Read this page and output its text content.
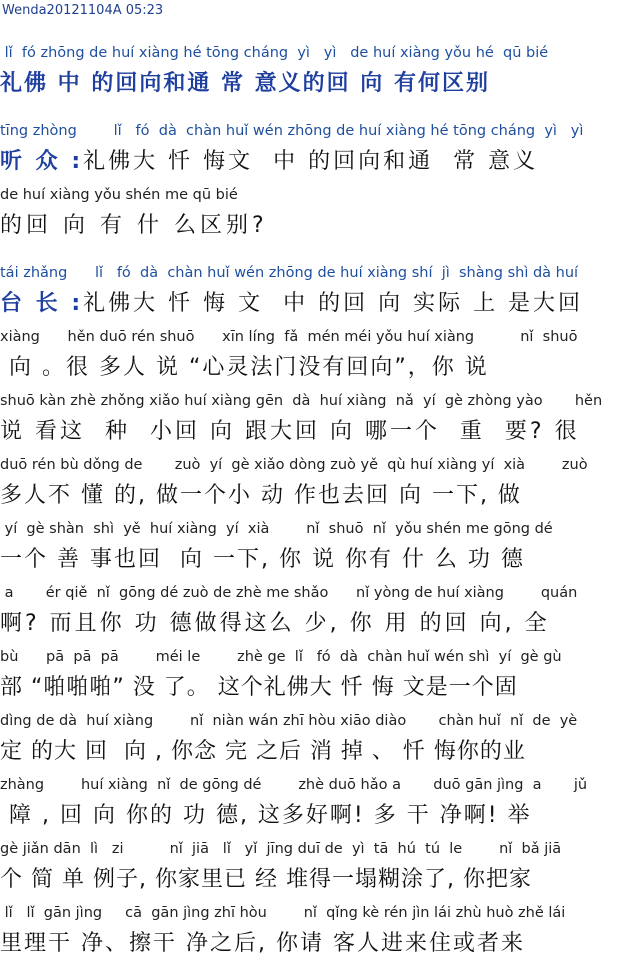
Wenda20121104A 05:23
lǐ  fó zhōng de huí xiàng hé tōng cháng  yì   yì   de huí xiàng yǒu hé  qū bié
礼佛 中 的回向和通 常 意义的回 向 有何区别
tīng zhòng        lǐ   fó  dà  chàn huǐ wén zhōng de huí xiàng hé tōng cháng  yì   yì
听 众 :礼佛大 忏 悔文  中 的回向和通  常 意义
de huí xiàng yǒu shén me qū bié
的回 向 有 什 么区别?
tái zhǎng      lǐ   fó  dà  chàn huǐ wén zhōng de huí xiàng shí  jì  shàng shì dà huí
台 长 :礼佛大 忏 悔 文  中 的回 向 实际 上 是大回
xiàng      hěn duō rén shuō      xīn líng  fǎ  mén méi yǒu huí xiàng          nǐ  shuō
向 。很 多人 说 “心灵法门没有回向”，你 说
shuō kàn zhè zhǒng xiǎo huí xiàng gēn  dà  huí xiàng  nǎ  yí  gè zhòng yào       hěn
说 看这  种  小回 向 跟大回 向 哪一个  重  要? 很
duō rén bù dǒng de       zuò  yí  gè xiǎo dòng zuò yě  qù huí xiàng yí  xià        zuò
多人不 懂 的, 做一个小 动 作也去回 向 一下, 做
yí  gè shàn  shì  yě  huí xiàng  yí  xià        nǐ  shuō  nǐ  yǒu shén me gōng dé
一个 善 事也回  向 一下, 你 说 你有 什 么 功 德
a       ér qiě  nǐ  gōng dé zuò de zhè me shǎo      nǐ yòng de huí xiàng        quán
啊? 而且你 功 德做得这么 少, 你 用 的回 向, 全
bù      pā  pā  pā        méi le        zhè ge  lǐ   fó  dà  chàn huǐ wén shì  yí  gè gù
部 “啪啪啪” 没 了。 这个礼佛大 忏 悔 文是一个固
dìng de dà  huí xiàng        nǐ  niàn wán zhī hòu xiāo diào       chàn huǐ  nǐ  de  yè
定 的大 回  向 , 你念 完 之后 消 掉 、 忏 悔你的业
zhàng        huí xiàng  nǐ  de gōng dé        zhè duō hǎo a       duō gān jìng  a       jǔ
障 , 回 向 你的 功 德, 这多好啊! 多 干 净啊! 举
gè jiǎn dān  lì   zi          nǐ  jiā   lǐ   yǐ  jīng duī de  yì  tā  hú  tú  le        nǐ  bǎ jiā
个 简 单 例子, 你家里已 经 堆得一塌糊涂了, 你把家
lǐ   lǐ  gān jìng     cā  gān jìng zhī hòu        nǐ  qǐng kè rén jìn lái zhù huò zhě lái
里理干 净、擦干 净之后, 你请 客人进来住或者来
